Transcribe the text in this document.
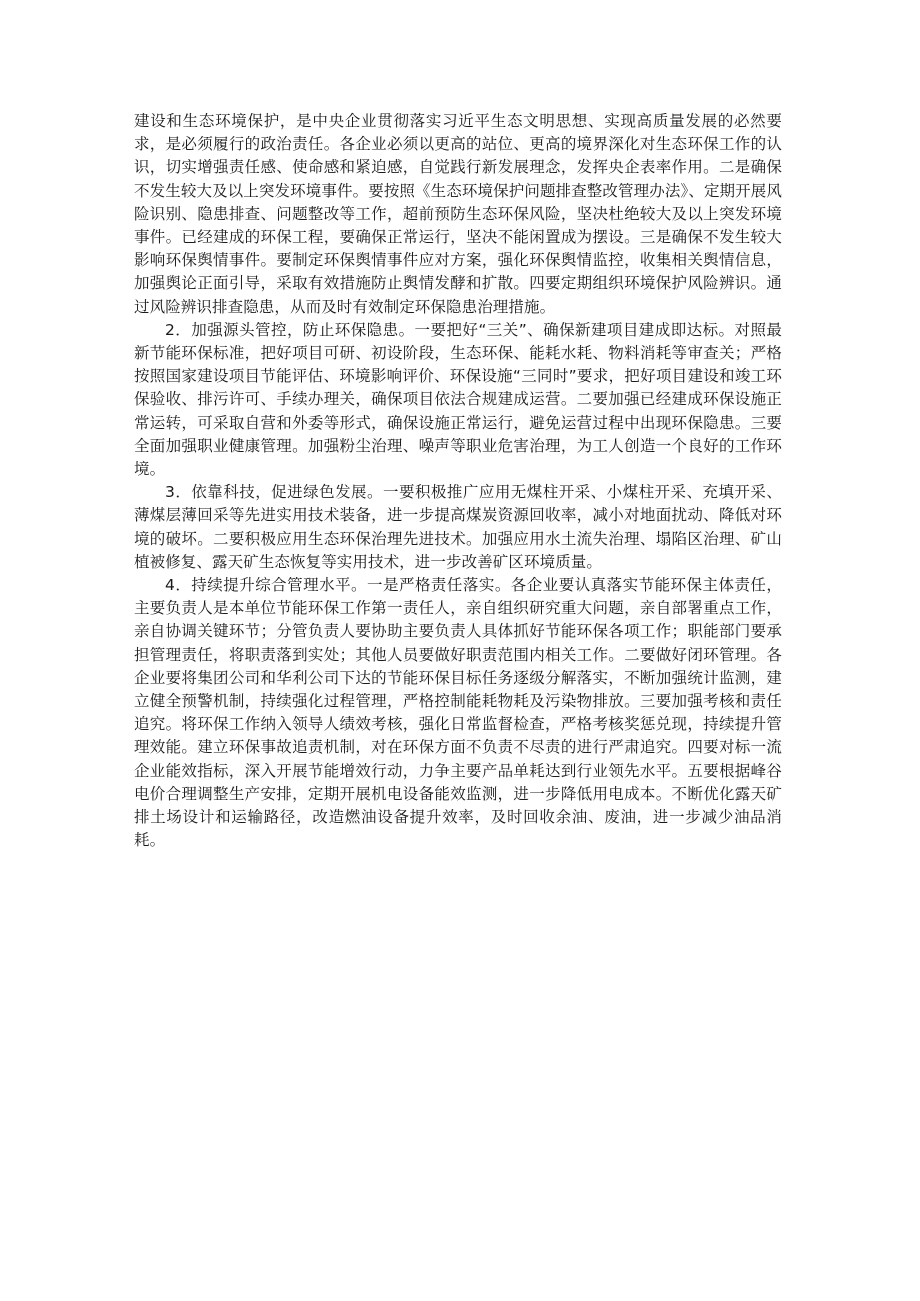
建设和生态环境保护，是中央企业贯彻落实习近平生态文明思想、实现高质量发展的必然要求，是必须履行的政治责任。各企业必须以更高的站位、更高的境界深化对生态环保工作的认识，切实增强责任感、使命感和紧迫感，自觉践行新发展理念，发挥央企表率作用。二是确保不发生较大及以上突发环境事件。要按照《生态环境保护问题排查整改管理办法》、定期开展风险识别、隐患排查、问题整改等工作，超前预防生态环保风险，坚决杜绝较大及以上突发环境事件。已经建成的环保工程，要确保正常运行，坚决不能闲置成为摆设。三是确保不发生较大影响环保舆情事件。要制定环保舆情事件应对方案，强化环保舆情监控，收集相关舆情信息，加强舆论正面引导，采取有效措施防止舆情发酵和扩散。四要定期组织环境保护风险辨识。通过风险辨识排查隐患，从而及时有效制定环保隐患治理措施。

2．加强源头管控，防止环保隐患。一要把好“三关”、确保新建项目建成即达标。对照最新节能环保标准，把好项目可研、初设阶段，生态环保、能耗水耗、物料消耗等审查关；严格按照国家建设项目节能评估、环境影响评价、环保设施“三同时”要求，把好项目建设和竣工环保验收、排污许可、手续办理关，确保项目依法合规建成运营。二要加强已经建成环保设施正常运转，可采取自营和外委等形式，确保设施正常运行，避免运营过程中出现环保隐患。三要全面加强职业健康管理。加强粉尘治理、噪声等职业危害治理，为工人创造一个良好的工作环境。

3．依靠科技，促进绿色发展。一要积极推广应用无煤柱开采、小煤柱开采、充填开采、薄煤层薄回采等先进实用技术装备，进一步提高煤炭资源回收率，减小对地面扰动、降低对环境的破坏。二要积极应用生态环保治理先进技术。加强应用水土流失治理、塌陷区治理、矿山植被修复、露天矿生态恢复等实用技术，进一步改善矿区环境质量。

4．持续提升综合管理水平。一是严格责任落实。各企业要认真落实节能环保主体责任，主要负责人是本单位节能环保工作第一责任人，亲自组织研究重大问题，亲自部署重点工作，亲自协调关键环节；分管负责人要协助主要负责人具体抓好节能环保各项工作；职能部门要承担管理责任，将职责落到实处；其他人员要做好职责范围内相关工作。二要做好闭环管理。各企业要将集团公司和华利公司下达的节能环保目标任务逐级分解落实，不断加强统计监测，建立健全预警机制，持续强化过程管理，严格控制能耗物耗及污染物排放。三要加强考核和责任追究。将环保工作纳入领导人绩效考核，强化日常监督检查，严格考核奖惩兑现，持续提升管理效能。建立环保事故追责机制，对在环保方面不负责不尽责的进行严肃追究。四要对标一流企业能效指标，深入开展节能增效行动，力争主要产品单耗达到行业领先水平。五要根据峰谷电价合理调整生产安排，定期开展机电设备能效监测，进一步降低用电成本。不断优化露天矿排土场设计和运输路径，改造燃油设备提升效率，及时回收余油、废油，进一步减少油品消耗。
